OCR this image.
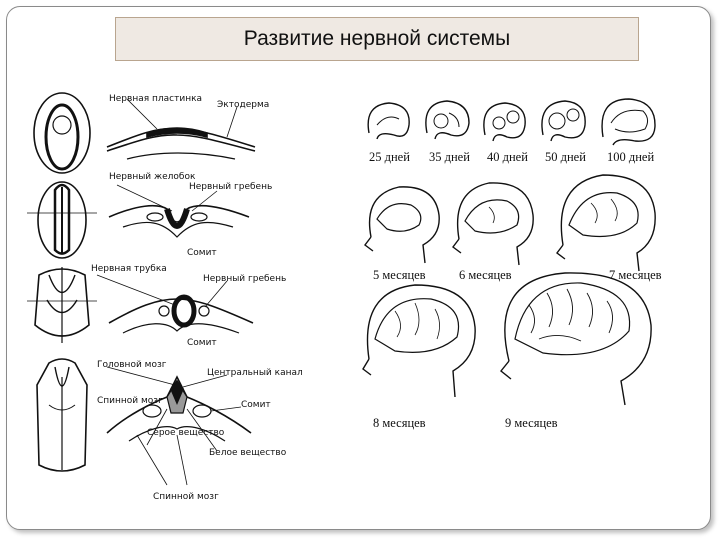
Развитие нервной системы
Нервная пластинка
Эктодерма
Нервный желобок
Нервный гребень
Сомит
Нервная трубка
Нервный гребень
Сомит
Головной мозг
Центральный канал
Спинной мозг	Сомит
Серое вещество
Белое вещество
Спинной мозг
25 дней 35 дней 40 дней 50 дней 100 дней
5 месяцев	6 месяцев	7 месяцев
8 месяцев	9 месяцев
